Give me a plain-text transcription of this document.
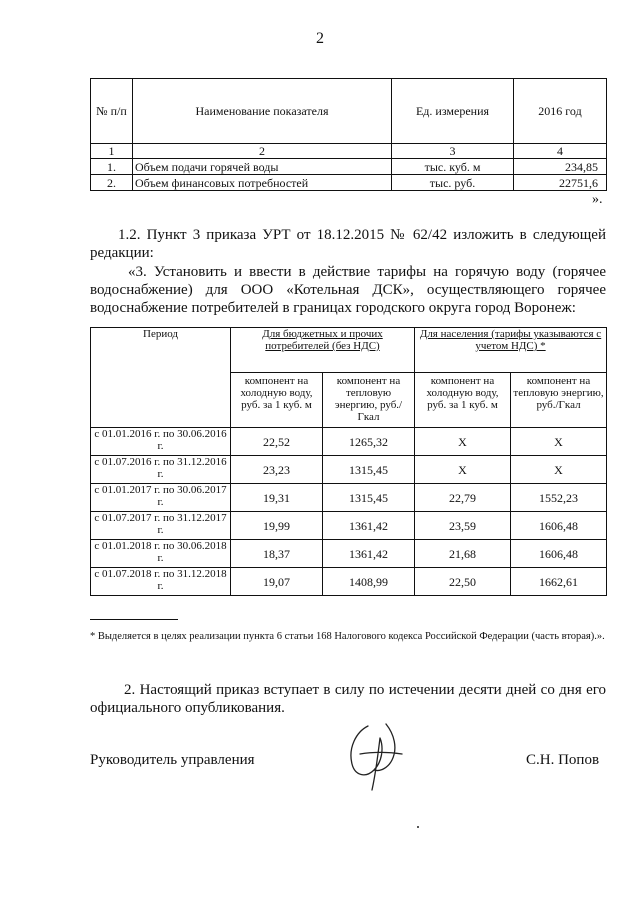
2
№ п/п	Наименование показателя	Ед. измерения	2016 год
1	2	3	4
1.	Объем подачи горячей воды	тыс. куб. м	234,85
2.	Объем финансовых потребностей	тыс. руб.	22751,6
».
1.2. Пункт 3 приказа УРТ от 18.12.2015 № 62/42 изложить в следующей редакции:
«3. Установить и ввести в действие тарифы на горячую воду (горячее водоснабжение) для ООО «Котельная ДСК», осуществляющего горячее водоснабжение потребителей в границах городского округа город Воронеж:
Период	Для бюджетных и прочих потребителей (без НДС)		Для населения (тарифы указываются с учетом НДС) *	
	компонент на холодную воду, руб. за 1 куб. м	компонент на тепловую энергию, руб./Гкал	компонент на холодную воду, руб. за 1 куб. м	компонент на тепловую энергию, руб./Гкал
с 01.01.2016 г. по 30.06.2016 г.	22,52	1265,32	Х	Х
с 01.07.2016 г. по 31.12.2016 г.	23,23	1315,45	Х	Х
с 01.01.2017 г. по 30.06.2017 г.	19,31	1315,45	22,79	1552,23
с 01.07.2017 г. по 31.12.2017 г.	19,99	1361,42	23,59	1606,48
с 01.01.2018 г. по 30.06.2018 г.	18,37	1361,42	21,68	1606,48
с 01.07.2018 г. по 31.12.2018 г.	19,07	1408,99	22,50	1662,61
* Выделяется в целях реализации пункта 6 статьи 168 Налогового кодекса Российской Федерации (часть вторая).».
2. Настоящий приказ вступает в силу по истечении десяти дней со дня его официального опубликования.
Руководитель управления	С.Н. Попов
